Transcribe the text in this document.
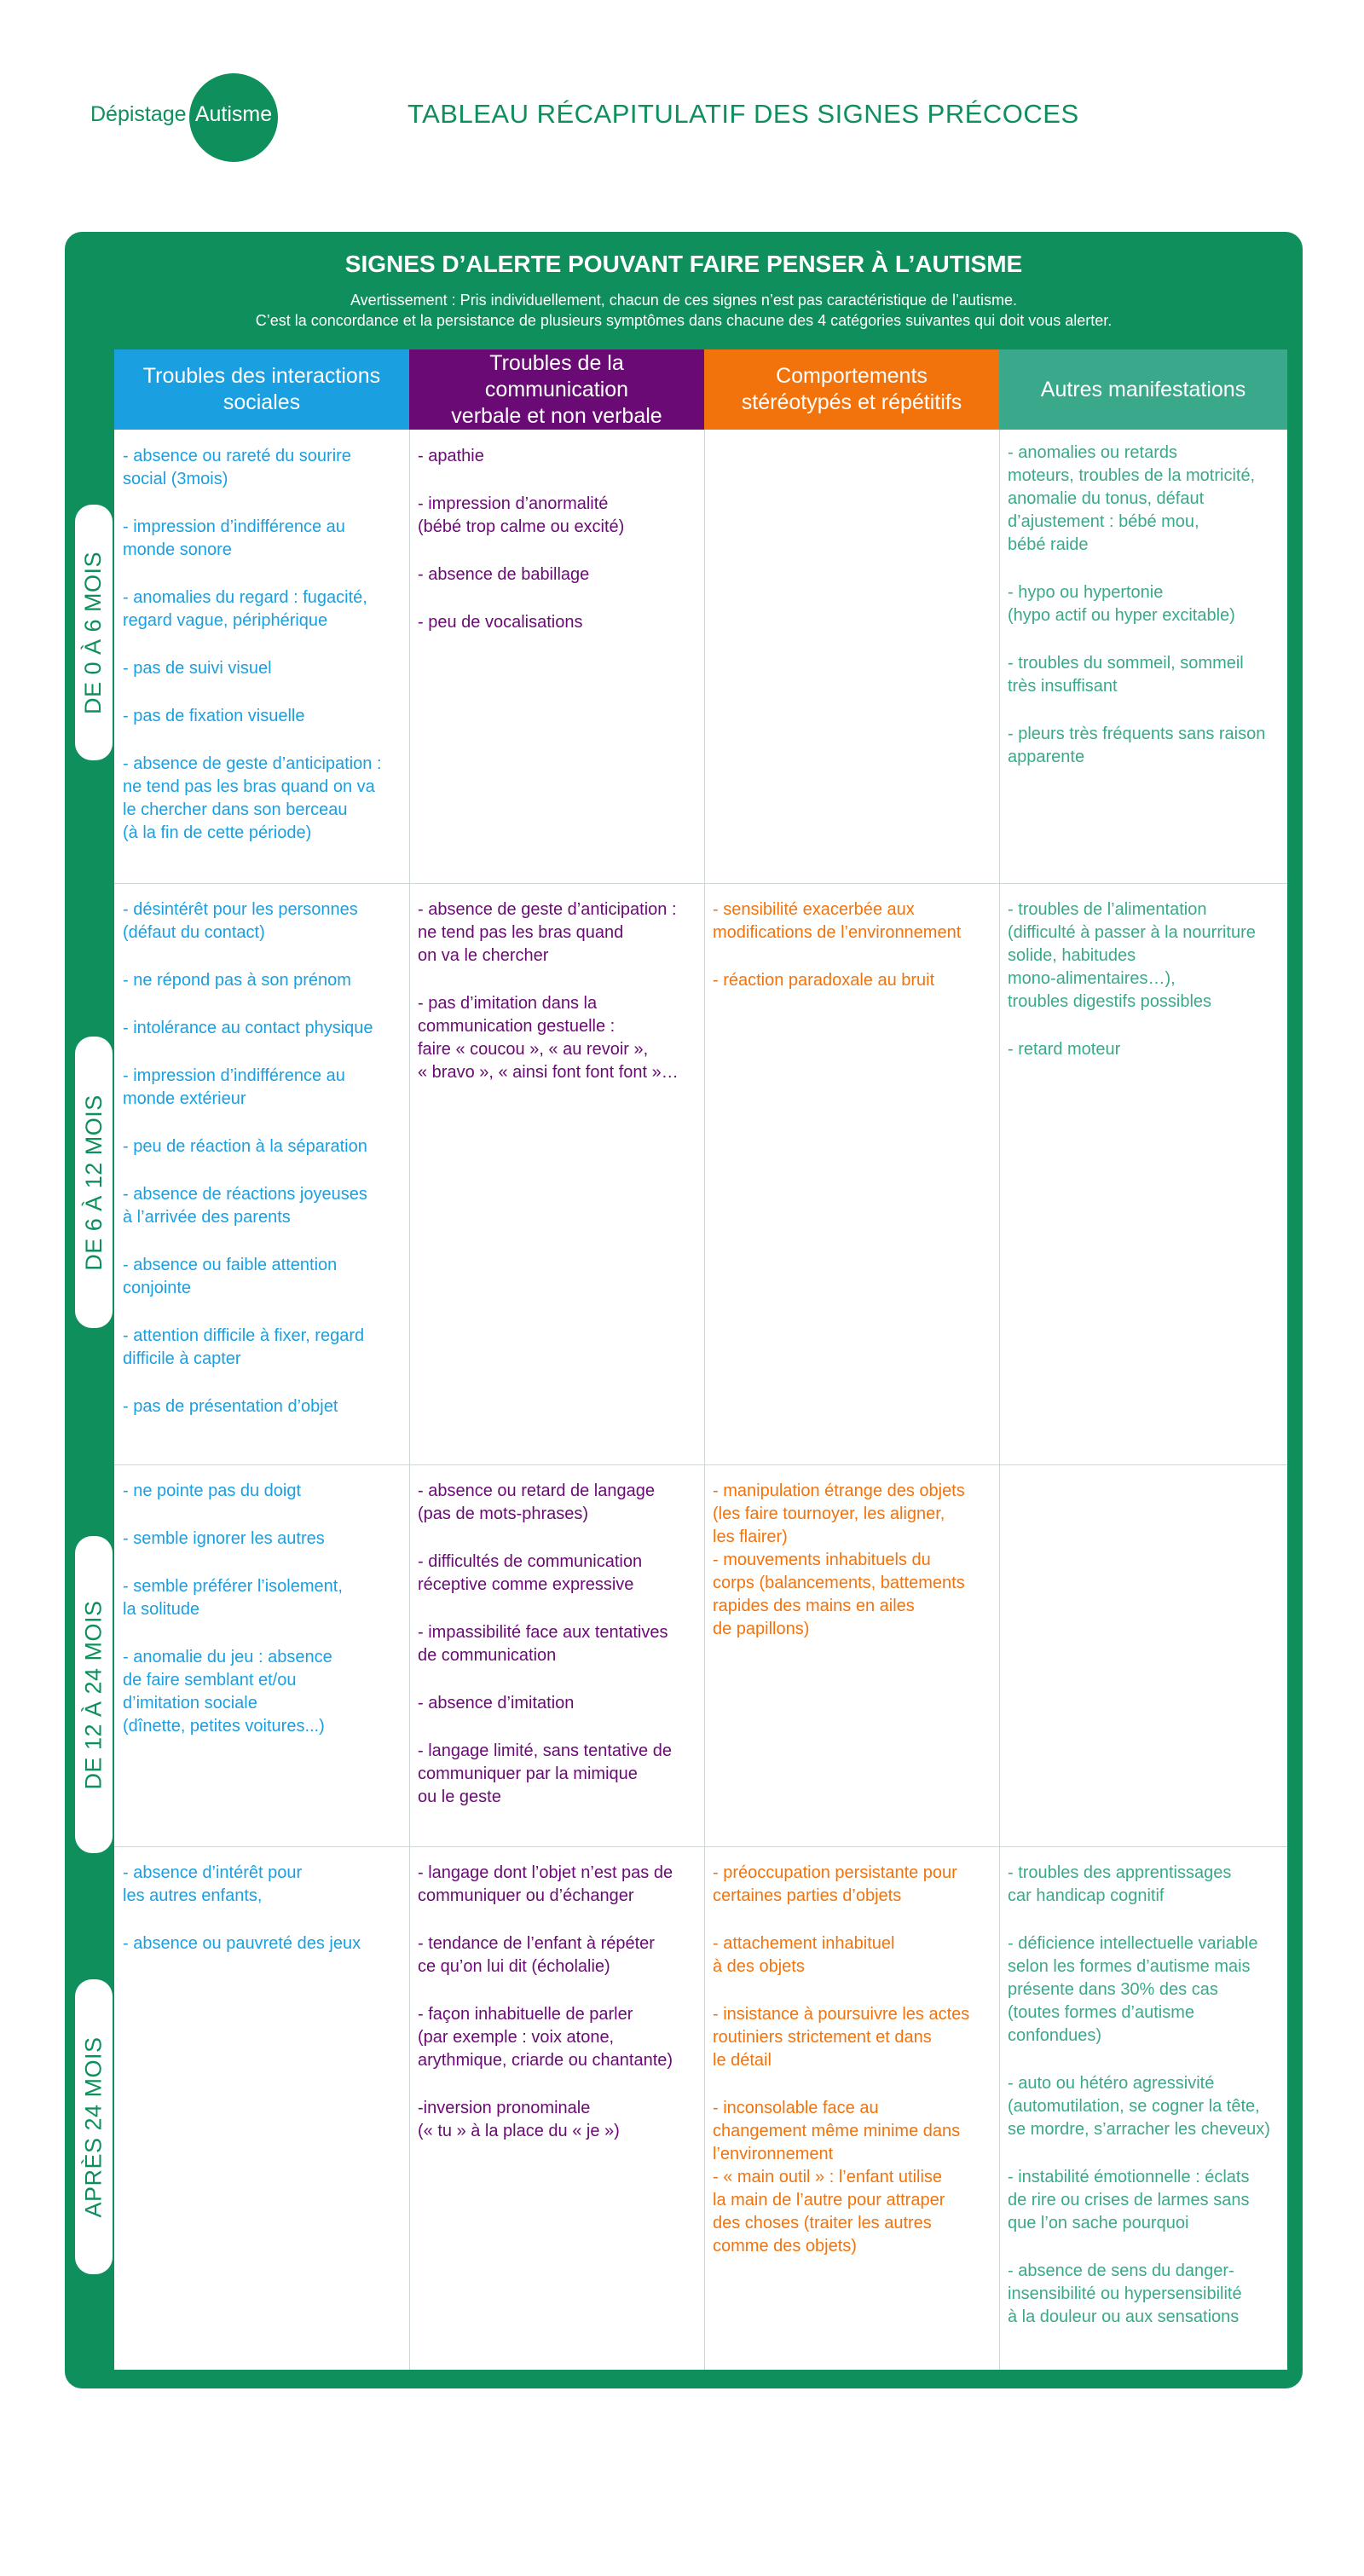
Dépistage Autisme	TABLEAU RÉCAPITULATIF DES SIGNES PRÉCOCES
SIGNES D’ALERTE POUVANT FAIRE PENSER À L’AUTISME
Avertissement : Pris individuellement, chacun de ces signes n’est pas caractéristique de l’autisme.
C’est la concordance et la persistance de plusieurs symptômes dans chacune des 4 catégories suivantes qui doit vous alerter.
Troubles des interactions
sociales
Troubles de la communication
verbale et non verbale
Comportements
stéréotypés et répétitifs
Autres manifestations
- absence ou rareté du sourire
social (3mois)
- impression d’indifférence au
monde sonore
- anomalies du regard : fugacité,
regard vague, périphérique
- pas de suivi visuel
- pas de fixation visuelle
- absence de geste d’anticipation :
ne tend pas les bras quand on va
le chercher dans son berceau
(à la fin de cette période)
- apathie
- impression d’anormalité
(bébé trop calme ou excité)
- absence de babillage
- peu de vocalisations
- anomalies ou retards
moteurs, troubles de la motricité,
anomalie du tonus, défaut
d’ajustement : bébé mou,
bébé raide
- hypo ou hypertonie
(hypo actif ou hyper excitable)
- troubles du sommeil, sommeil
très insuffisant
- pleurs très fréquents sans raison
apparente
- désintérêt pour les personnes
(défaut du contact)
- ne répond pas à son prénom
- intolérance au contact physique
- impression d’indifférence au
monde extérieur
- peu de réaction à la séparation
- absence de réactions joyeuses
à l’arrivée des parents
- absence ou faible attention
conjointe
- attention difficile à fixer, regard
difficile à capter
- pas de présentation d’objet
- absence de geste d’anticipation :
ne tend pas les bras quand
on va le chercher
- pas d’imitation dans la
communication gestuelle :
faire « coucou », « au revoir »,
« bravo », « ainsi font font font »…
- sensibilité exacerbée aux
modifications de l’environnement
- réaction paradoxale au bruit
- troubles de l’alimentation
(difficulté à passer à la nourriture
solide, habitudes
mono-alimentaires…),
troubles digestifs possibles
- retard moteur
- ne pointe pas du doigt
- semble ignorer les autres
- semble préférer l’isolement,
la solitude
- anomalie du jeu : absence
de faire semblant et/ou
d’imitation sociale
(dînette, petites voitures...)
- absence ou retard de langage
(pas de mots-phrases)
- difficultés de communication
réceptive comme expressive
- impassibilité face aux tentatives
de communication
- absence d’imitation
- langage limité, sans tentative de
communiquer par la mimique
ou le geste
- manipulation étrange des objets
(les faire tournoyer, les aligner,
les flairer)
- mouvements inhabituels du
corps (balancements, battements
rapides des mains en ailes
de papillons)
- absence d’intérêt pour
les autres enfants,
- absence ou pauvreté des jeux
- langage dont l’objet n’est pas de
communiquer ou d’échanger
- tendance de l’enfant à répéter
ce qu’on lui dit (écholalie)
- façon inhabituelle de parler
(par exemple : voix atone,
arythmique, criarde ou chantante)
-inversion pronominale
(« tu » à la place du « je »)
- préoccupation persistante pour
certaines parties d’objets
- attachement inhabituel
à des objets
- insistance à poursuivre les actes
routiniers strictement et dans
le détail
- inconsolable face au
changement même minime dans
l’environnement
- « main outil » : l’enfant utilise
la main de l’autre pour attraper
des choses (traiter les autres
comme des objets)
- troubles des apprentissages
car handicap cognitif
- déficience intellectuelle variable
selon les formes d’autisme mais
présente dans 30% des cas
(toutes formes d’autisme
confondues)
- auto ou hétéro agressivité
(automutilation, se cogner la tête,
se mordre, s’arracher les cheveux)
- instabilité émotionnelle : éclats
de rire ou crises de larmes sans
que l’on sache pourquoi
- absence de sens du danger-
insensibilité ou hypersensibilité
à la douleur ou aux sensations
DE 0 À 6 MOIS
DE 6 À 12 MOIS
DE 12 À 24 MOIS
APRÈS 24 MOIS
